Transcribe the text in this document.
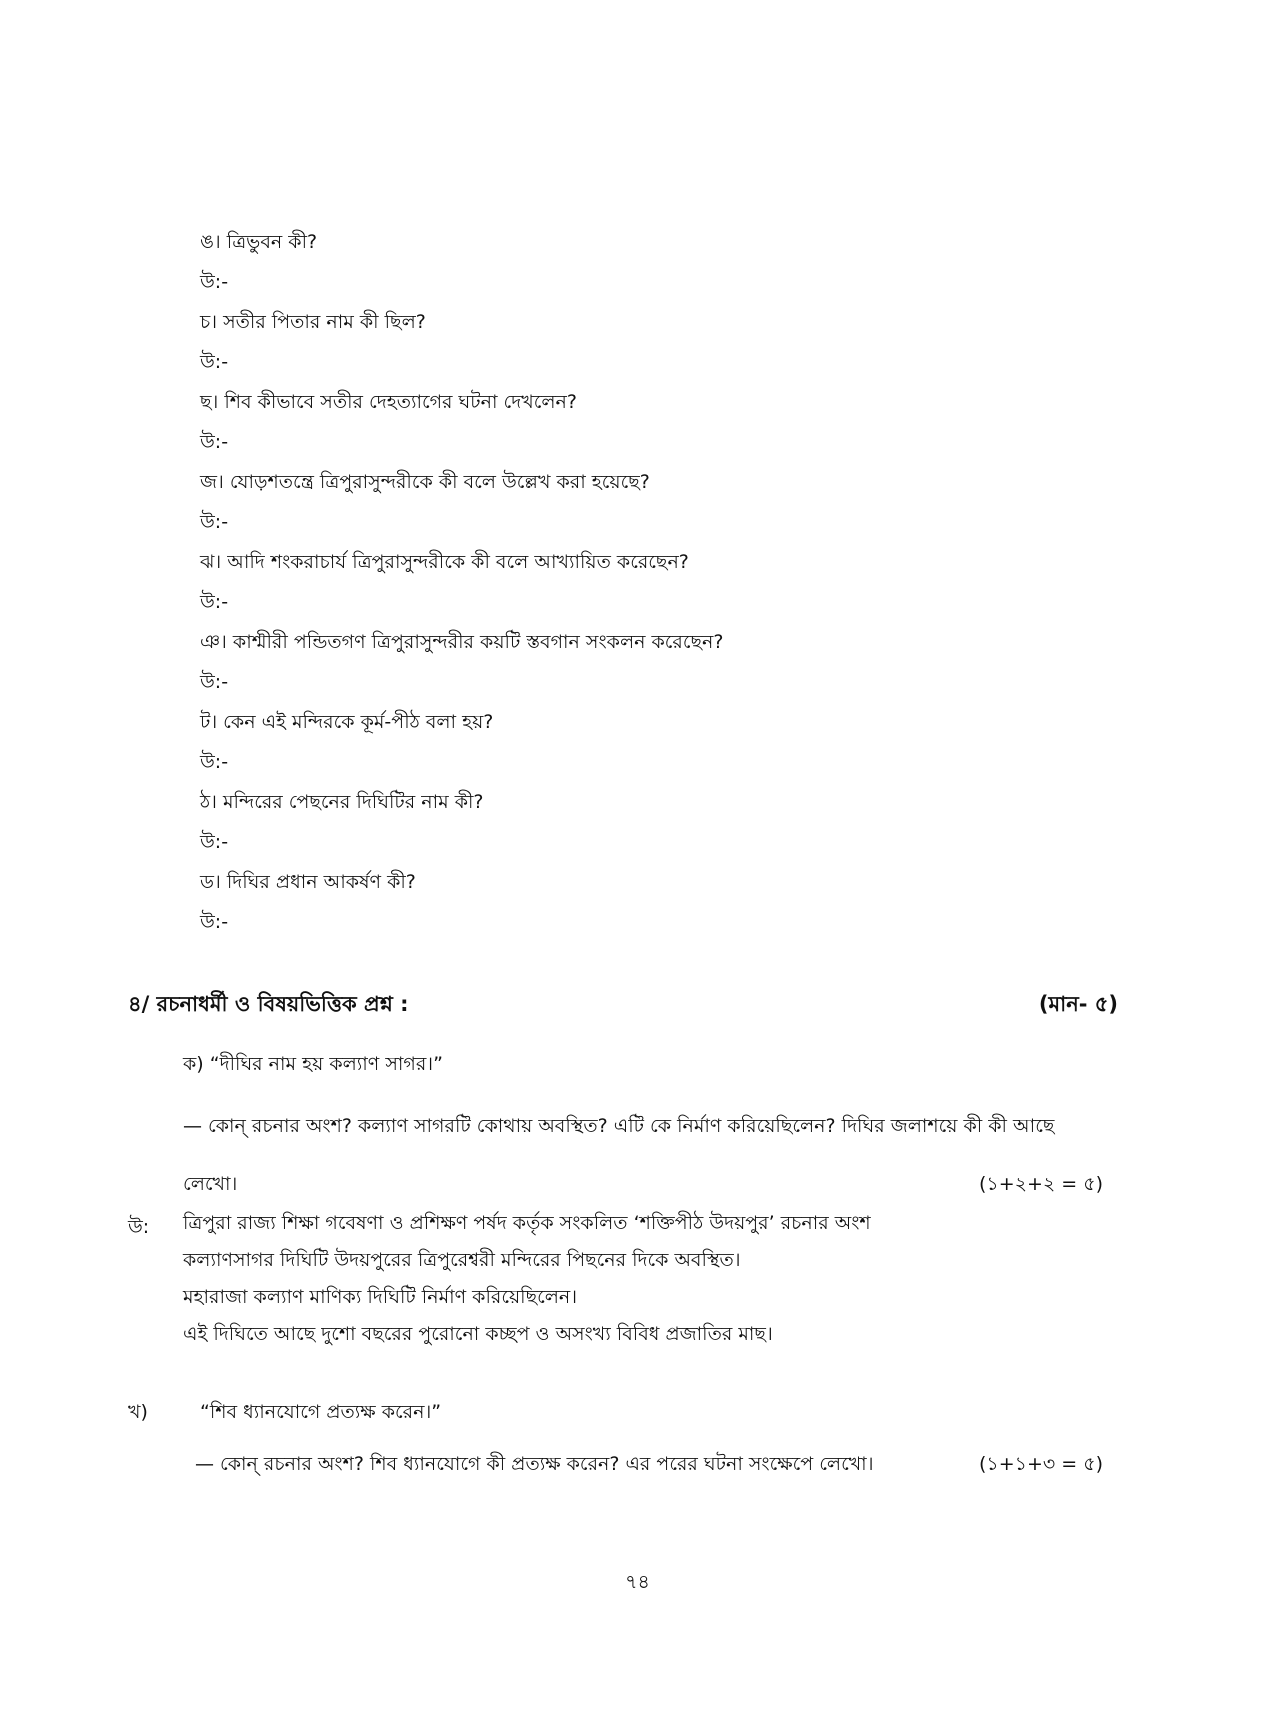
ঙ। ত্রিভুবন কী?
উ:-
চ। সতীর পিতার নাম কী ছিল?
উ:-
ছ। শিব কীভাবে সতীর দেহত্যাগের ঘটনা দেখলেন?
উ:-
জ। যোড়শতন্ত্রে ত্রিপুরাসুন্দরীকে কী বলে উল্লেখ করা হয়েছে?
উ:-
ঝ। আদি শংকরাচার্য ত্রিপুরাসুন্দরীকে কী বলে আখ্যায়িত করেছেন?
উ:-
ঞ। কাশ্মীরী পন্ডিতগণ ত্রিপুরাসুন্দরীর কয়টি স্তবগান সংকলন করেছেন?
উ:-
ট। কেন এই মন্দিরকে কূর্ম-পীঠ বলা হয়?
উ:-
ঠ। মন্দিরের পেছনের দিঘিটির নাম কী?
উ:-
ড। দিঘির প্রধান আকর্ষণ কী?
উ:-
৪/ রচনাধর্মী ও বিষয়ভিত্তিক প্রশ্ন :	(মান- ৫)
ক) “দীঘির নাম হয় কল্যাণ সাগর।”
— কোন্ রচনার অংশ? কল্যাণ সাগরটি কোথায় অবস্থিত? এটি কে নির্মাণ করিয়েছিলেন? দিঘির জলাশয়ে কী কী আছে
লেখো।	(১+২+২ = ৫)
উ: ত্রিপুরা রাজ্য শিক্ষা গবেষণা ও প্রশিক্ষণ পর্ষদ কর্তৃক সংকলিত ‘শক্তিপীঠ উদয়পুর’ রচনার অংশ
কল্যাণসাগর দিঘিটি উদয়পুরের ত্রিপুরেশ্বরী মন্দিরের পিছনের দিকে অবস্থিত।
মহারাজা কল্যাণ মাণিক্য দিঘিটি নির্মাণ করিয়েছিলেন।
এই দিঘিতে আছে দুশো বছরের পুরোনো কচ্ছপ ও অসংখ্য বিবিধ প্রজাতির মাছ।
খ)	“শিব ধ্যানযোগে প্রত্যক্ষ করেন।”
— কোন্ রচনার অংশ? শিব ধ্যানযোগে কী প্রত্যক্ষ করেন? এর পরের ঘটনা সংক্ষেপে লেখো।	(১+১+৩ = ৫)
৭৪
